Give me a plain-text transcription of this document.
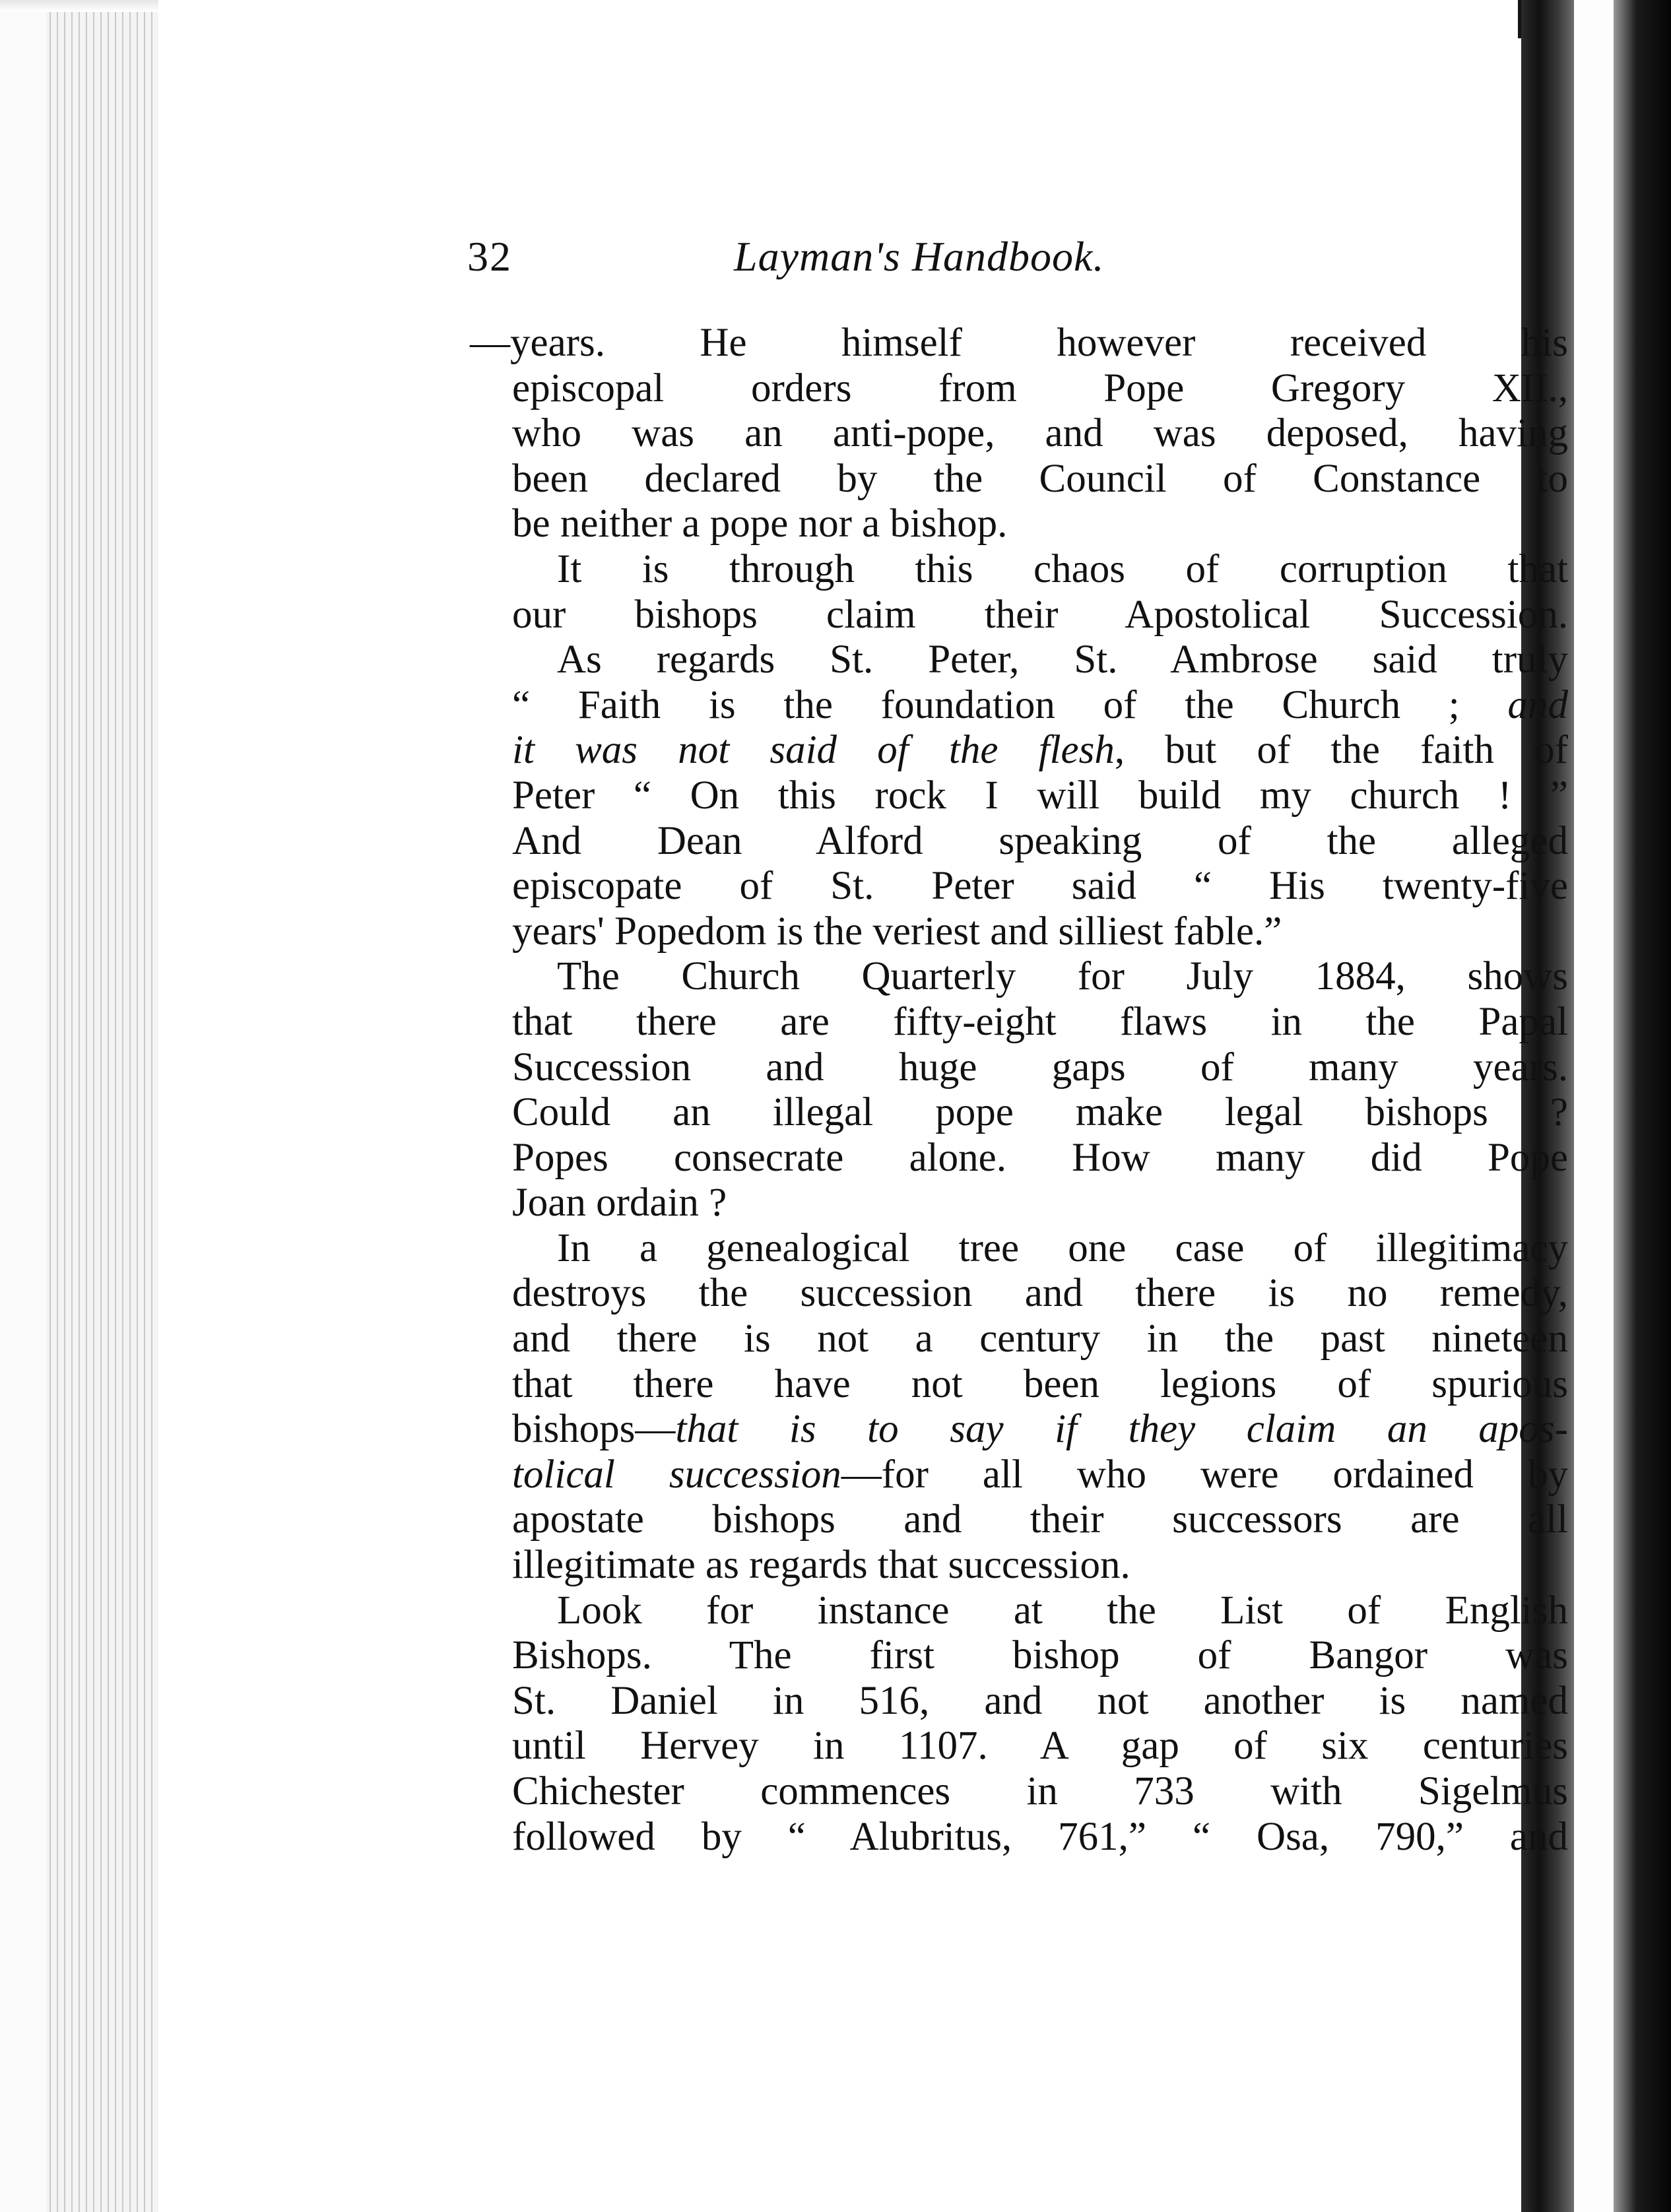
32	Layman's Handbook.
—years. He himself however received his
episcopal orders from Pope Gregory XII.,
who was an anti-pope, and was deposed, having
been declared by the Council of Constance to
be neither a pope nor a bishop.
It is through this chaos of corruption that
our bishops claim their Apostolical Succession.
As regards St. Peter, St. Ambrose said truly
“ Faith is the foundation of the Church ; and
it was not said of the flesh, but of the faith of
Peter “ On this rock I will build my church ! ”
And Dean Alford speaking of the alleged
episcopate of St. Peter said “ His twenty-five
years' Popedom is the veriest and silliest fable.”
The Church Quarterly for July 1884, shows
that there are fifty-eight flaws in the Papal
Succession and huge gaps of many years.
Could an illegal pope make legal bishops ?
Popes consecrate alone. How many did Pope
Joan ordain ?
In a genealogical tree one case of illegitimacy
destroys the succession and there is no remedy,
and there is not a century in the past nineteen
that there have not been legions of spurious
bishops—that is to say if they claim an apos-
tolical succession—for all who were ordained by
apostate bishops and their successors are all
illegitimate as regards that succession.
Look for instance at the List of English
Bishops. The first bishop of Bangor was
St. Daniel in 516, and not another is named
until Hervey in 1107. A gap of six centuries
Chichester commences in 733 with Sigelmus
followed by “ Alubritus, 761,” “ Osa, 790,” and
